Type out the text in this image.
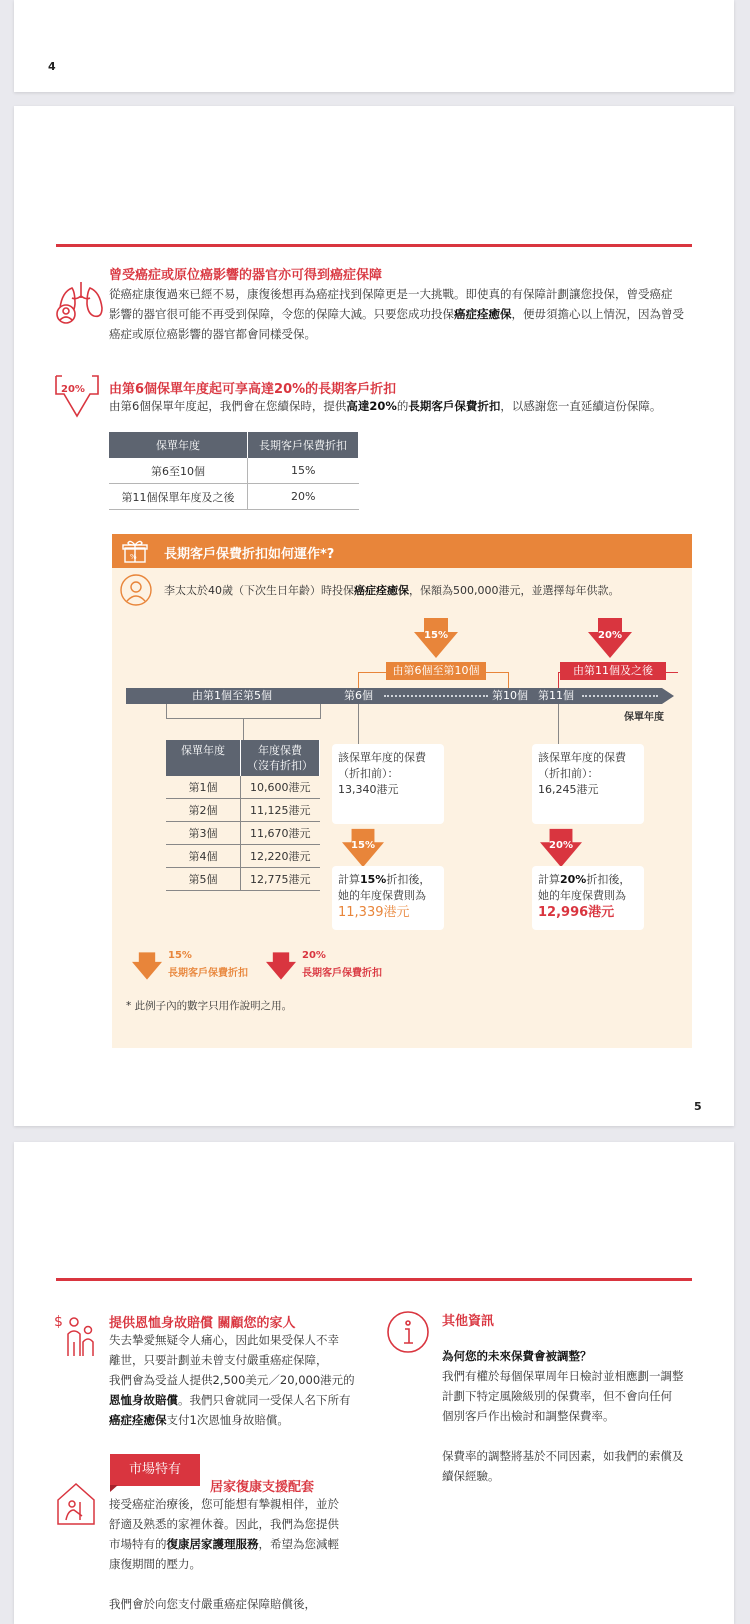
4
曾受癌症或原位癌影響的器官亦可得到癌症保障
從癌症康復過來已經不易，康復後想再為癌症找到保障更是一大挑戰。即使真的有保障計劃讓您投保，曾受癌症
影響的器官很可能不再受到保障，令您的保障大減。只要您成功投保癌症痊癒保，便毋須擔心以上情況，因為曾受
癌症或原位癌影響的器官都會同樣受保。
20% 由第6個保單年度起可享高達20%的長期客戶折扣
由第6個保單年度起，我們會在您續保時，提供高達20%的長期客戶保費折扣，以感謝您一直延續這份保障。
保單年度	長期客戶保費折扣
第6至10個	15%
第11個保單年度及之後	20%
% 長期客戶保費折扣如何運作*?
李太太於40歲（下次生日年齡）時投保癌症痊癒保，保額為500,000港元，並選擇每年供款。
15%	20%
由第6個至第10個	由第11個及之後
由第1個至第5個	第6個	第10個 第11個
保單年度
保單年度	年度保費
（沒有折扣）

第1個	10,600港元
第2個	11,125港元
第3個	11,670港元
第4個	12,220港元
第5個	12,775港元
該保單年度的保費
（折扣前）：
13,340港元
該保單年度的保費
（折扣前）：
16,245港元
15%	20%
計算15%折扣後，
她的年度保費則為
11,339港元
計算20%折扣後，
她的年度保費則為
12,996港元
15%
長期客戶保費折扣
20%
長期客戶保費折扣
* 此例子內的數字只用作說明之用。
5
$	提供恩恤身故賠償 關顧您的家人
失去摯愛無疑令人痛心，因此如果受保人不幸
離世，只要計劃並未曾支付嚴重癌症保障，
我們會為受益人提供2,500美元／20,000港元的
恩恤身故賠償。我們只會就同一受保人名下所有
癌症痊癒保支付1次恩恤身故賠償。
市場特有
居家復康支援配套
接受癌症治療後，您可能想有摯親相伴，並於
舒適及熟悉的家裡休養。因此，我們為您提供
市場特有的復康居家護理服務，希望為您減輕
康復期間的壓力。
我們會於向您支付嚴重癌症保障賠償後，
其他資訊
為何您的未來保費會被調整？
我們有權於每個保單周年日檢討並相應劃一調整
計劃下特定風險級別的保費率，但不會向任何
個別客戶作出檢討和調整保費率。
保費率的調整將基於不同因素，如我們的索償及
續保經驗。
